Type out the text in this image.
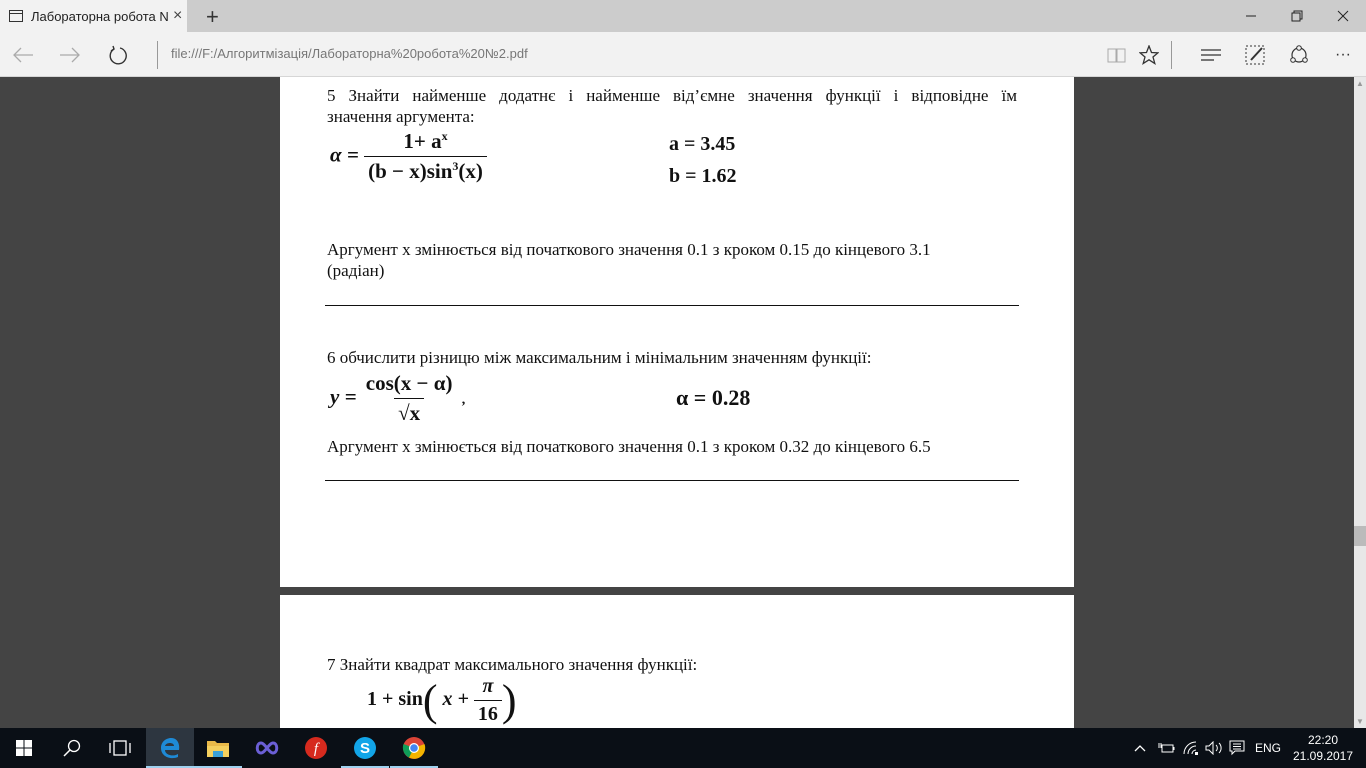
Лабораторна робота N × +
file:///F:/Алгоритмізація/Лабораторна%20робота%20№2.pdf	···
5 Знайти найменше додатнє і найменше від’ємне значення функції і відповідне їм
значення аргумента:
$\alpha = \frac{1+ a^x}{(b - x)\sin^3(x)}$	a = 3.45
b = 1.62
Аргумент x змінюється від початкового значення 0.1 з кроком 0.15 до кінцевого 3.1
(радіан)
6 обчислити різницю між максимальним і мінімальним значенням функції:
$y = \frac{\cos(x - \alpha)}{√x}$ ,	α = 0.28
Аргумент x змінюється від початкового значення 0.1 з кроком 0.32 до кінцевого 6.5
7 Знайти квадрат максимального значення функції:
1 + sin( $x + \frac{\pi}{16}$ )
▲
▼
f	S	ENG
22:20
21.09.2017
